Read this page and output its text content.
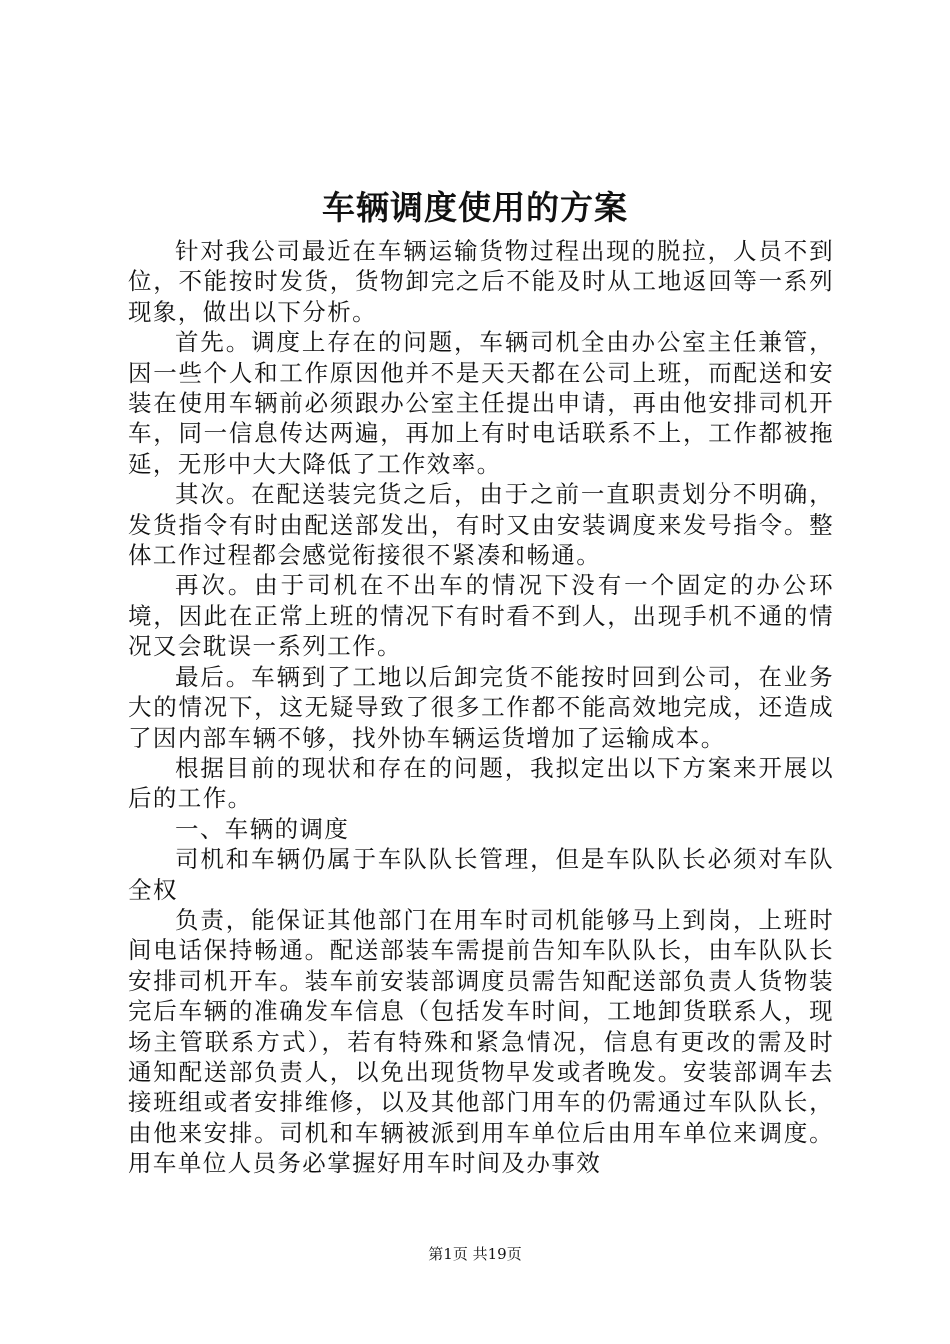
车辆调度使用的方案

针对我公司最近在车辆运输货物过程出现的脱拉，人员不到位，不能按时发货，货物卸完之后不能及时从工地返回等一系列现象，做出以下分析。

首先。调度上存在的问题，车辆司机全由办公室主任兼管，因一些个人和工作原因他并不是天天都在公司上班，而配送和安装在使用车辆前必须跟办公室主任提出申请，再由他安排司机开车，同一信息传达两遍，再加上有时电话联系不上，工作都被拖延，无形中大大降低了工作效率。

其次。在配送装完货之后，由于之前一直职责划分不明确，发货指令有时由配送部发出，有时又由安装调度来发号指令。整体工作过程都会感觉衔接很不紧凑和畅通。

再次。由于司机在不出车的情况下没有一个固定的办公环境，因此在正常上班的情况下有时看不到人，出现手机不通的情况又会耽误一系列工作。

最后。车辆到了工地以后卸完货不能按时回到公司，在业务大的情况下，这无疑导致了很多工作都不能高效地完成，还造成了因内部车辆不够，找外协车辆运货增加了运输成本。

根据目前的现状和存在的问题，我拟定出以下方案来开展以后的工作。

一、车辆的调度

司机和车辆仍属于车队队长管理，但是车队队长必须对车队全权

负责，能保证其他部门在用车时司机能够马上到岗，上班时间电话保持畅通。配送部装车需提前告知车队队长，由车队队长安排司机开车。装车前安装部调度员需告知配送部负责人货物装完后车辆的准确发车信息（包括发车时间，工地卸货联系人，现场主管联系方式），若有特殊和紧急情况，信息有更改的需及时通知配送部负责人，以免出现货物早发或者晚发。安装部调车去接班组或者安排维修，以及其他部门用车的仍需通过车队队长，由他来安排。司机和车辆被派到用车单位后由用车单位来调度。用车单位人员务必掌握好用车时间及办事效

第1页 共19页
